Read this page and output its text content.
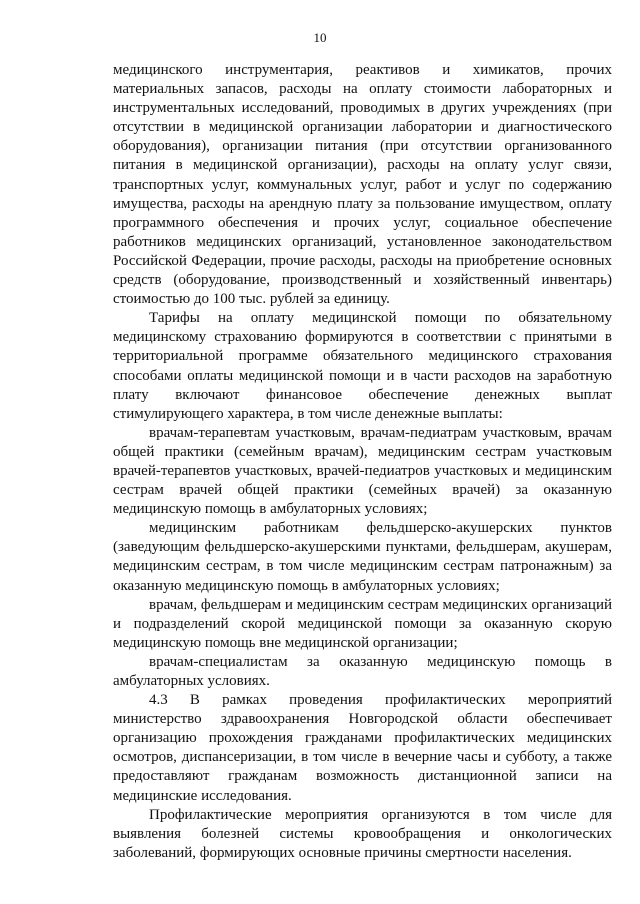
10

медицинского инструментария, реактивов и химикатов, прочих материальных запасов, расходы на оплату стоимости лабораторных и инструментальных исследований, проводимых в других учреждениях (при отсутствии в медицинской организации лаборатории и диагностического оборудования), организации питания (при отсутствии организованного питания в медицинской организации), расходы на оплату услуг связи, транспортных услуг, коммунальных услуг, работ и услуг по содержанию имущества, расходы на арендную плату за пользование имуществом, оплату программного обеспечения и прочих услуг, социальное обеспечение работников медицинских организаций, установленное законодательством Российской Федерации, прочие расходы, расходы на приобретение основных средств (оборудование, производственный и хозяйственный инвентарь) стоимостью до 100 тыс. рублей за единицу.

Тарифы на оплату медицинской помощи по обязательному медицинскому страхованию формируются в соответствии с принятыми в территориальной программе обязательного медицинского страхования способами оплаты медицинской помощи и в части расходов на заработную плату включают финансовое обеспечение денежных выплат стимулирующего характера, в том числе денежные выплаты:

врачам-терапевтам участковым, врачам-педиатрам участковым, врачам общей практики (семейным врачам), медицинским сестрам участковым врачей-терапевтов участковых, врачей-педиатров участковых и медицинским сестрам врачей общей практики (семейных врачей) за оказанную медицинскую помощь в амбулаторных условиях;

медицинским работникам фельдшерско-акушерских пунктов (заведующим фельдшерско-акушерскими пунктами, фельдшерам, акушерам, медицинским сестрам, в том числе медицинским сестрам патронажным) за оказанную медицинскую помощь в амбулаторных условиях;

врачам, фельдшерам и медицинским сестрам медицинских организаций и подразделений скорой медицинской помощи за оказанную скорую медицинскую помощь вне медицинской организации;

врачам-специалистам за оказанную медицинскую помощь в амбулаторных условиях.

4.3 В рамках проведения профилактических мероприятий министерство здравоохранения Новгородской области обеспечивает организацию прохождения гражданами профилактических медицинских осмотров, диспансеризации, в том числе в вечерние часы и субботу, а также предоставляют гражданам возможность дистанционной записи на медицинские исследования.

Профилактические мероприятия организуются в том числе для выявления болезней системы кровообращения и онкологических заболеваний, формирующих основные причины смертности населения.
